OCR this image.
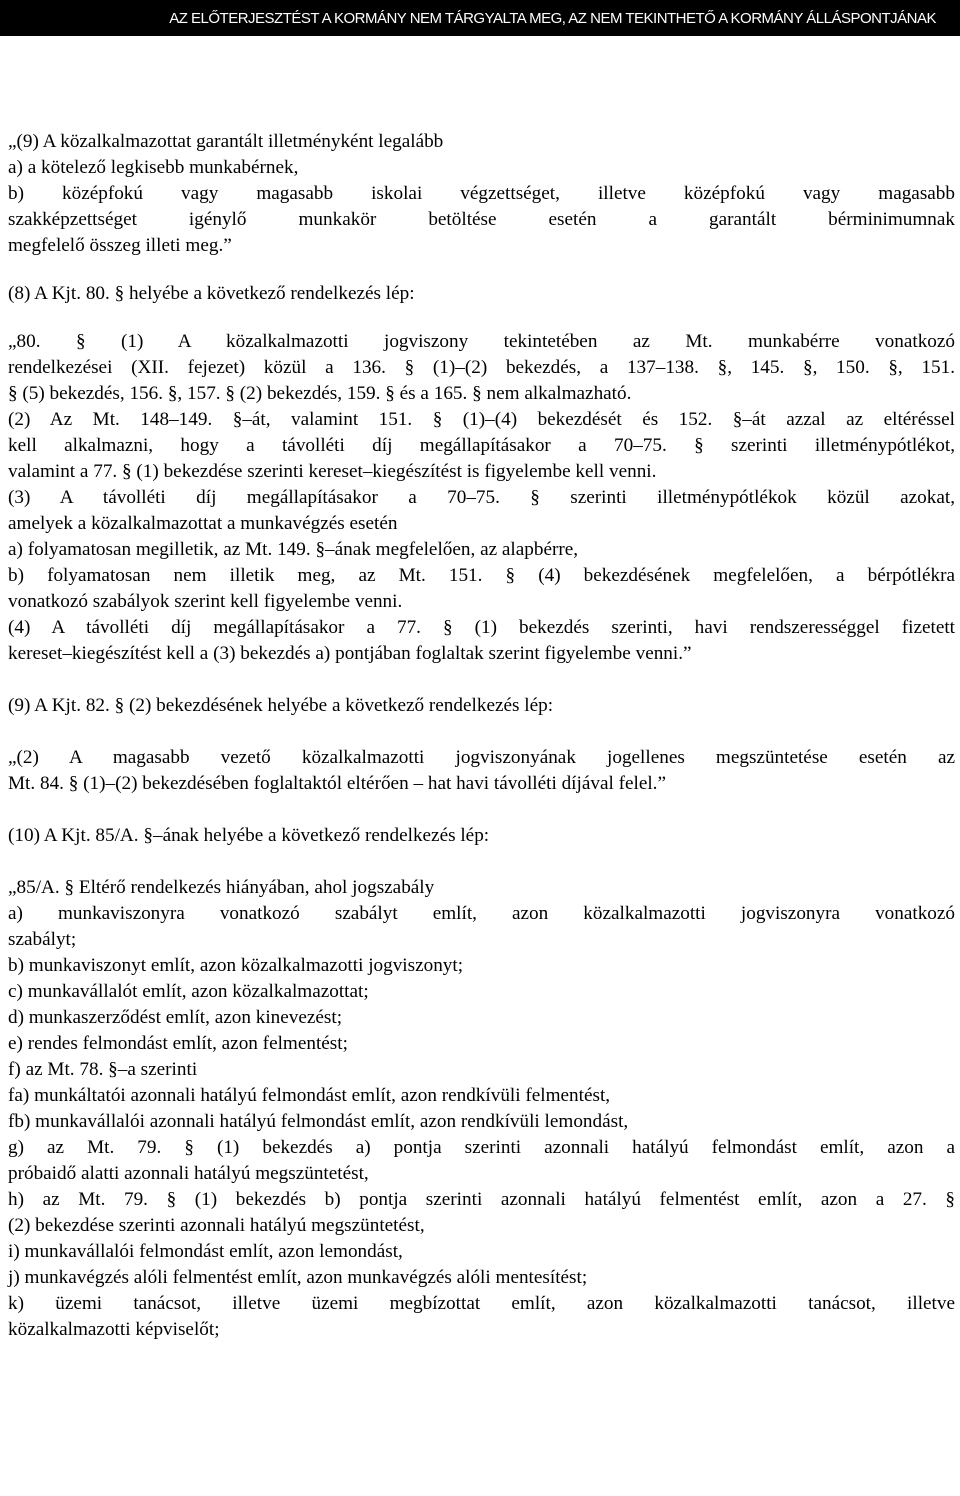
AZ ELŐTERJESZTÉST A KORMÁNY NEM TÁRGYALTA MEG, AZ NEM TEKINTHETŐ A KORMÁNY ÁLLÁSPONTJÁNAK

„(9) A közalkalmazottat garantált illetményként legalább

a) a kötelező legkisebb munkabérnek,

b) középfokú vagy magasabb iskolai végzettséget, illetve középfokú vagy magasabb

szakképzettséget igénylő munkakör betöltése esetén a garantált bérminimumnak

megfelelő összeg illeti meg.”

(8) A Kjt. 80. § helyébe a következő rendelkezés lép:

„80. § (1) A közalkalmazotti jogviszony tekintetében az Mt. munkabérre vonatkozó

rendelkezései (XII. fejezet) közül a 136. § (1)–(2) bekezdés, a 137–138. §, 145. §, 150. §, 151.

§ (5) bekezdés, 156. §, 157. § (2) bekezdés, 159. § és a 165. § nem alkalmazható.

(2) Az Mt. 148–149. §–át, valamint 151. § (1)–(4) bekezdését és 152. §–át azzal az eltéréssel

kell alkalmazni, hogy a távolléti díj megállapításakor a 70–75. § szerinti illetménypótlékot,

valamint a 77. § (1) bekezdése szerinti kereset–kiegészítést is figyelembe kell venni.

(3) A távolléti díj megállapításakor a 70–75. § szerinti illetménypótlékok közül azokat,

amelyek a közalkalmazottat a munkavégzés esetén

a) folyamatosan megilletik, az Mt. 149. §–ának megfelelően, az alapbérre,

b) folyamatosan nem illetik meg, az Mt. 151. § (4) bekezdésének megfelelően, a bérpótlékra

vonatkozó szabályok szerint kell figyelembe venni.

(4) A távolléti díj megállapításakor a 77. § (1) bekezdés szerinti, havi rendszerességgel fizetett

kereset–kiegészítést kell a (3) bekezdés a) pontjában foglaltak szerint figyelembe venni.”

(9) A Kjt. 82. § (2) bekezdésének helyébe a következő rendelkezés lép:

„(2) A magasabb vezető közalkalmazotti jogviszonyának jogellenes megszüntetése esetén az

Mt. 84. § (1)–(2) bekezdésében foglaltaktól eltérően – hat havi távolléti díjával felel.”

(10) A Kjt. 85/A. §–ának helyébe a következő rendelkezés lép:

„85/A. § Eltérő rendelkezés hiányában, ahol jogszabály

a) munkaviszonyra vonatkozó szabályt említ, azon közalkalmazotti jogviszonyra vonatkozó

szabályt;

b) munkaviszonyt említ, azon közalkalmazotti jogviszonyt;

c) munkavállalót említ, azon közalkalmazottat;

d) munkaszerződést említ, azon kinevezést;

e) rendes felmondást említ, azon felmentést;

f) az Mt. 78. §–a szerinti

fa) munkáltatói azonnali hatályú felmondást említ, azon rendkívüli felmentést,

fb) munkavállalói azonnali hatályú felmondást említ, azon rendkívüli lemondást,

g) az Mt. 79. § (1) bekezdés a) pontja szerinti azonnali hatályú felmondást említ, azon a

próbaidő alatti azonnali hatályú megszüntetést,

h) az Mt. 79. § (1) bekezdés b) pontja szerinti azonnali hatályú felmentést említ, azon a 27. §

(2) bekezdése szerinti azonnali hatályú megszüntetést,

i) munkavállalói felmondást említ, azon lemondást,

j) munkavégzés alóli felmentést említ, azon munkavégzés alóli mentesítést;

k) üzemi tanácsot, illetve üzemi megbízottat említ, azon közalkalmazotti tanácsot, illetve

közalkalmazotti képviselőt;
